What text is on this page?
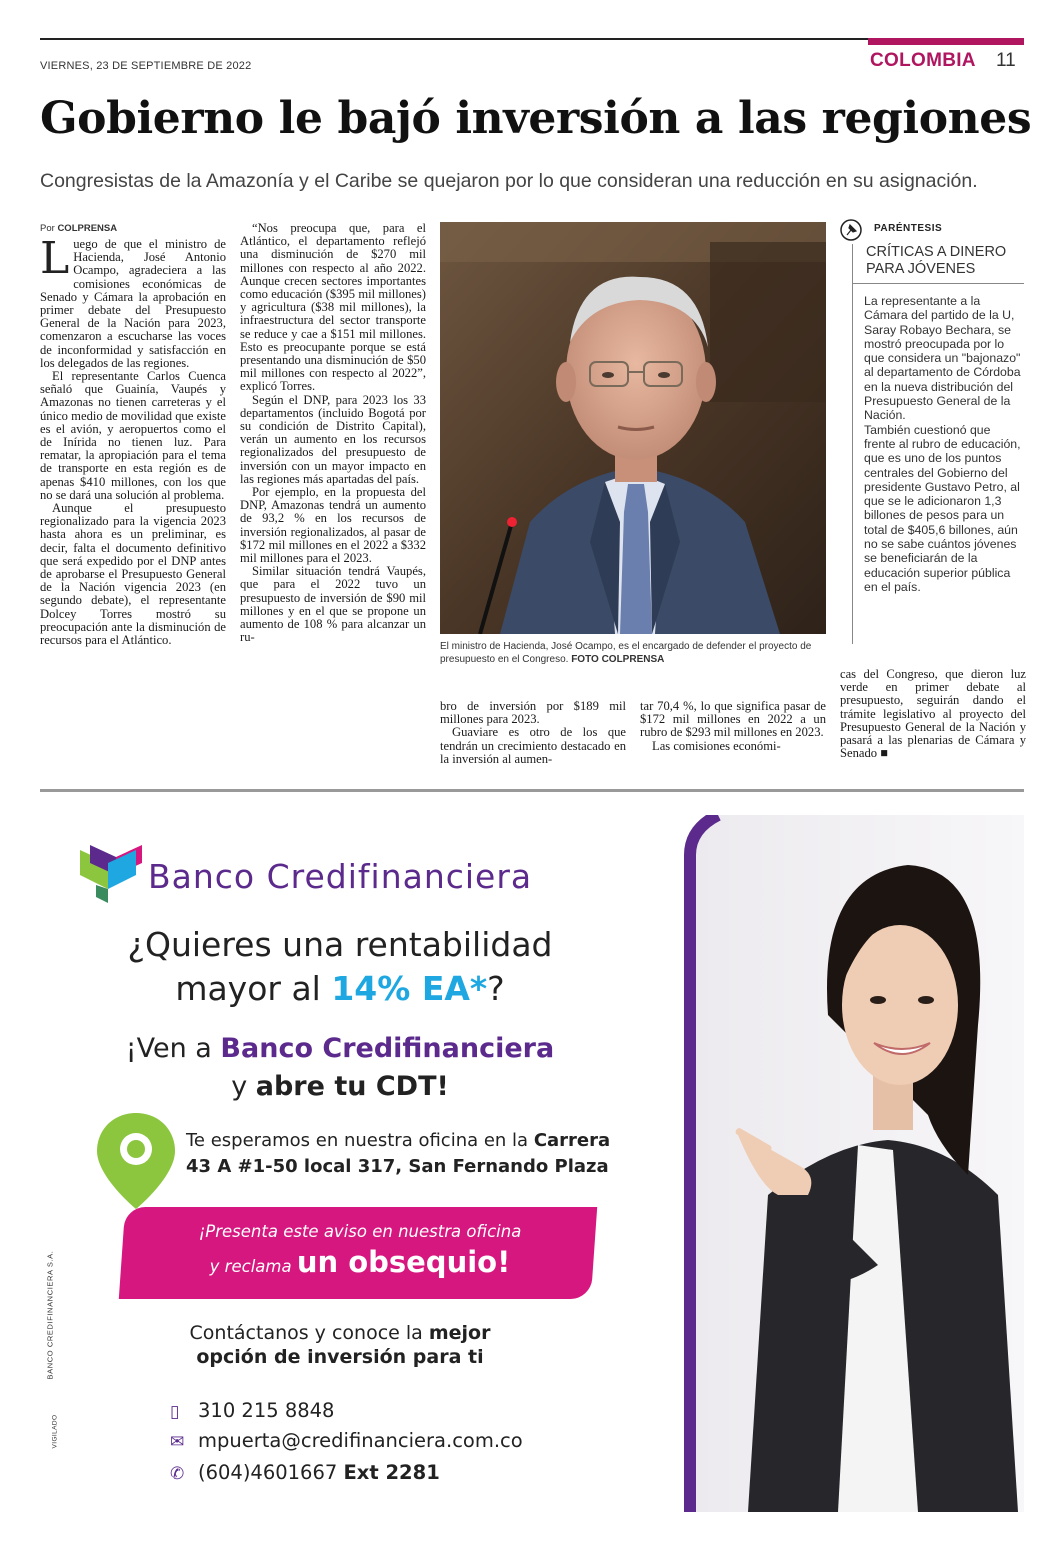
VIERNES, 23 DE SEPTIEMBRE DE 2022	COLOMBIA 11
Gobierno le bajó inversión a las regiones
Congresistas de la Amazonía y el Caribe se quejaron por lo que consideran una reducción en su asignación.
Por COLPRENSA

Luego de que el ministro de Hacienda, José Antonio Ocampo, agradeciera a las comisiones económicas de Senado y Cámara la aprobación en primer debate del Presupuesto General de la Nación para 2023, comenzaron a escucharse las voces de inconformidad y satisfacción en los delegados de las regiones.

El representante Carlos Cuenca señaló que Guainía, Vaupés y Amazonas no tienen carreteras y el único medio de movilidad que existe es el avión, y aeropuertos como el de Inírida no tienen luz. Para rematar, la apropiación para el tema de transporte en esta región es de apenas $410 millones, con los que no se dará una solución al problema.

Aunque el presupuesto regionalizado para la vigencia 2023 hasta ahora es un preliminar, es decir, falta el documento definitivo que será expedido por el DNP antes de aprobarse el Presupuesto General de la Nación vigencia 2023 (en segundo debate), el representante Dolcey Torres mostró su preocupación ante la disminución de recursos para el Atlántico.

“Nos preocupa que, para el Atlántico, el departamento reflejó una disminución de $270 mil millones con respecto al año 2022. Aunque crecen sectores importantes como educación ($395 mil millones) y agricultura ($38 mil millones), la infraestructura del sector transporte se reduce y cae a $151 mil millones. Esto es preocupante porque se está presentando una disminución de $50 mil millones con respecto al 2022”, explicó Torres.

Según el DNP, para 2023 los 33 departamentos (incluido Bogotá por su condición de Distrito Capital), verán un aumento en los recursos regionalizados del presupuesto de inversión con un mayor impacto en las regiones más apartadas del país.

Por ejemplo, en la propuesta del DNP, Amazonas tendrá un aumento de 93,2 % en los recursos de inversión regionalizados, al pasar de $172 mil millones en el 2022 a $332 mil millones para el 2023.

Similar situación tendrá Vaupés, que para el 2022 tuvo un presupuesto de inversión de $90 mil millones y en el que se propone un aumento de 108 % para alcanzar un ru-

bro de inversión por $189 mil millones para 2023.

Guaviare es otro de los que tendrán un crecimiento destacado en la inversión al aumen-

tar 70,4 %, lo que significa pasar de $172 mil millones en 2022 a un rubro de $293 mil millones en 2023.

Las comisiones económi-

cas del Congreso, que dieron luz verde en primer debate al presupuesto, seguirán dando el trámite legislativo al proyecto del Presupuesto General de la Nación y pasará a las plenarias de Cámara y Senado ■

El ministro de Hacienda, José Ocampo, es el encargado de defender el proyecto de presupuesto en el Congreso. FOTO COLPRENSA
PARÉNTESIS
CRÍTICAS A DINERO PARA JÓVENES

La representante a la Cámara del partido de la U, Saray Robayo Bechara, se mostró preocupada por lo que considera un "bajonazo" al departamento de Córdoba en la nueva distribución del Presupuesto General de la Nación.

También cuestionó que frente al rubro de educación, que es uno de los puntos centrales del Gobierno del presidente Gustavo Petro, al que se le adicionaron 1,3 billones de pesos para un total de $405,6 billones, aún no se sabe cuántos jóvenes se beneficiarán de la educación superior pública en el país.

Banco Credifinanciera
¿Quieres una rentabilidad
mayor al 14% EA*?
¡Ven a Banco Credifinanciera
y abre tu CDT!
Te esperamos en nuestra oficina en la Carrera
43 A #1-50 local 317, San Fernando Plaza
¡Presenta este aviso en nuestra oficina
y reclama un obsequio!
Contáctanos y conoce la mejor
opción de inversión para ti
▯ 310 215 8848
✉ mpuerta@credifinanciera.com.co
✆ (604)4601667 Ext 2281
BANCO CREDIFINANCIERA S.A.
VIGILADO
